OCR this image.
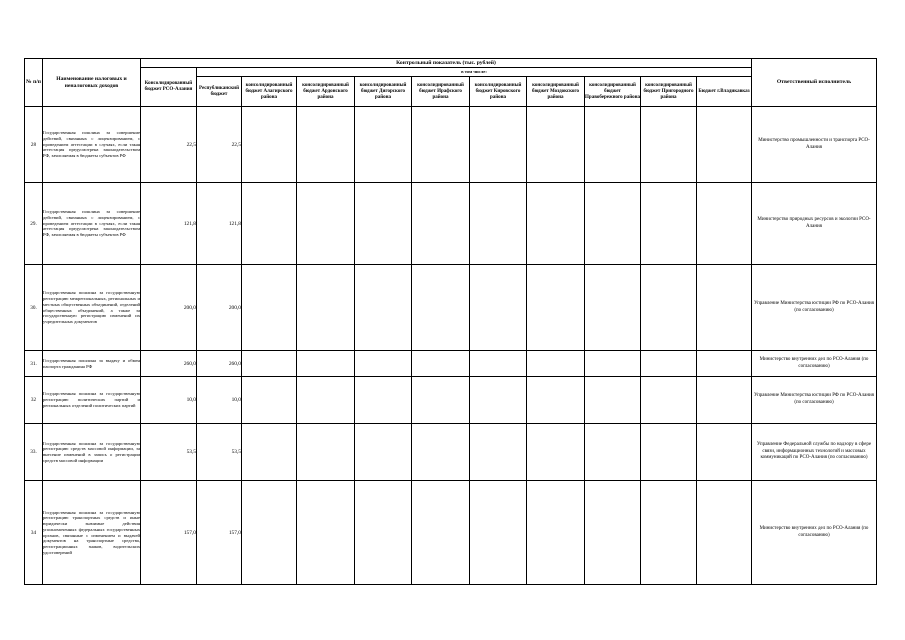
№ п/п	Наименование налоговых и неналоговых доходов	Контрольный показатель (тыс. рублей)											Ответственный исполнитель
		Консолидированный бюджет РСО-Алания	в том числе:										
			Республиканский бюджет	консолидированный бюджет Алагирского района	консолидированный бюджет Ардонского района	консолидированный бюджет Дигорского района	консолидированный бюджет Ирафского района	консолидированный бюджет Кировского района	консолидированный бюджет Моздокского района	консолидированный бюджет Правобережного района	консолидированный бюджет Пригородного района	Бюджет г.Владикавказ	
28	Государственная пошлина за совершение действий, связанных с лицензированием, с проведением аттестации в случаях, если такая аттестация предусмотрена законодательством РФ, зачисляемая в бюджеты субъектов РФ	22,5	22,5										Министерство промышленности и транспорта РСО-Алания
29.	Государственная пошлина за совершение действий, связанных с лицензированием, с проведением аттестации в случаях, если такая аттестация предусмотрена законодательством РФ, зачисляемая в бюджеты субъектов РФ	121,8	121,8										Министерство природных ресурсов и экологии РСО-Алания
30.	Государственная пошлина за государственную регистрацию межрегиональных, региональных и местных общественных объединений, отделений общественных объединений, а также за государственную регистрацию изменений их учредительных документов	200,0	200,0										Управление Министерства юстиции РФ по РСО-Алания (по согласованию)
31.	Государственная пошлина за выдачу и обмен паспорта гражданина РФ	260,0	260,0										Министерство внутренних дел по РСО-Алания (по согласованию)
32	Государственная пошлина за государственную регистрацию политических партий и региональных отделений политических партий	10,0	10,0										Управление Министерства юстиции РФ по РСО-Алания (по согласованию)
33.	Государственная пошлина за государственную регистрацию средств массовой информации, за внесение изменений в запись о регистрации средств массовой информации	53,5	53,5										Управление Федеральной службы по надзору в сфере связи, информационных технологий и массовых коммуникаций по РСО-Алания (по согласованию)
34	Государственная пошлина за государственную регистрацию транспортных средств и иные юридически значимые действия уполномоченных федеральных государственных органов, связанные с изменением и выдачей документов на транспортные средства, регистрационных знаков, водительских удостоверений	157,0	157,0										Министерство внутренних дел по РСО-Алания (по согласованию)
